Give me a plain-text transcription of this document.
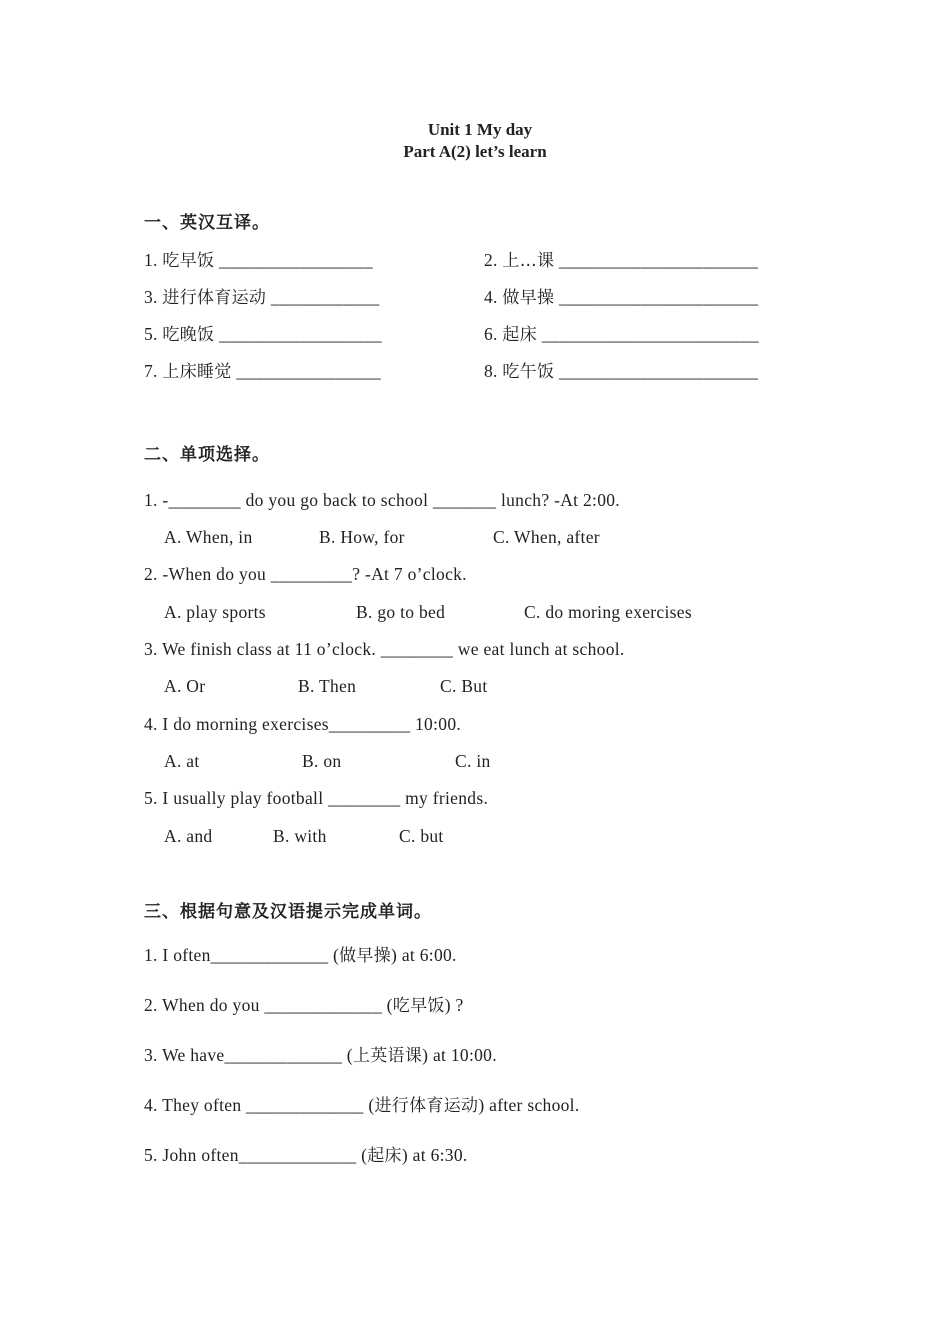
Unit 1 My day
Part A(2) let’s learn
一、英汉互译。
1. 吃早饭 _________________	2. 上…课 ______________________
3. 进行体育运动 ____________	4. 做早操 ______________________
5. 吃晚饭 __________________	6. 起床 ________________________
7. 上床睡觉 ________________	8. 吃午饭 ______________________
二、单项选择。
1. -________ do you go back to school _______ lunch? -At 2:00.
A. When, in	B. How, for	C. When, after
2. -When do you _________? -At 7 o’clock.
A. play sports	B. go to bed	C. do moring exercises
3. We finish class at 11 o’clock. ________ we eat lunch at school.
A. Or	B. Then	C. But
4. I do morning exercises_________ 10:00.
A. at	B. on	C. in
5. I usually play football ________ my friends.
A. and	B. with	C. but
三、根据句意及汉语提示完成单词。
1. I often_____________ (做早操) at 6:00.
2. When do you _____________ (吃早饭) ?
3. We have_____________ (上英语课) at 10:00.
4. They often _____________ (进行体育运动) after school.
5. John often_____________ (起床) at 6:30.
